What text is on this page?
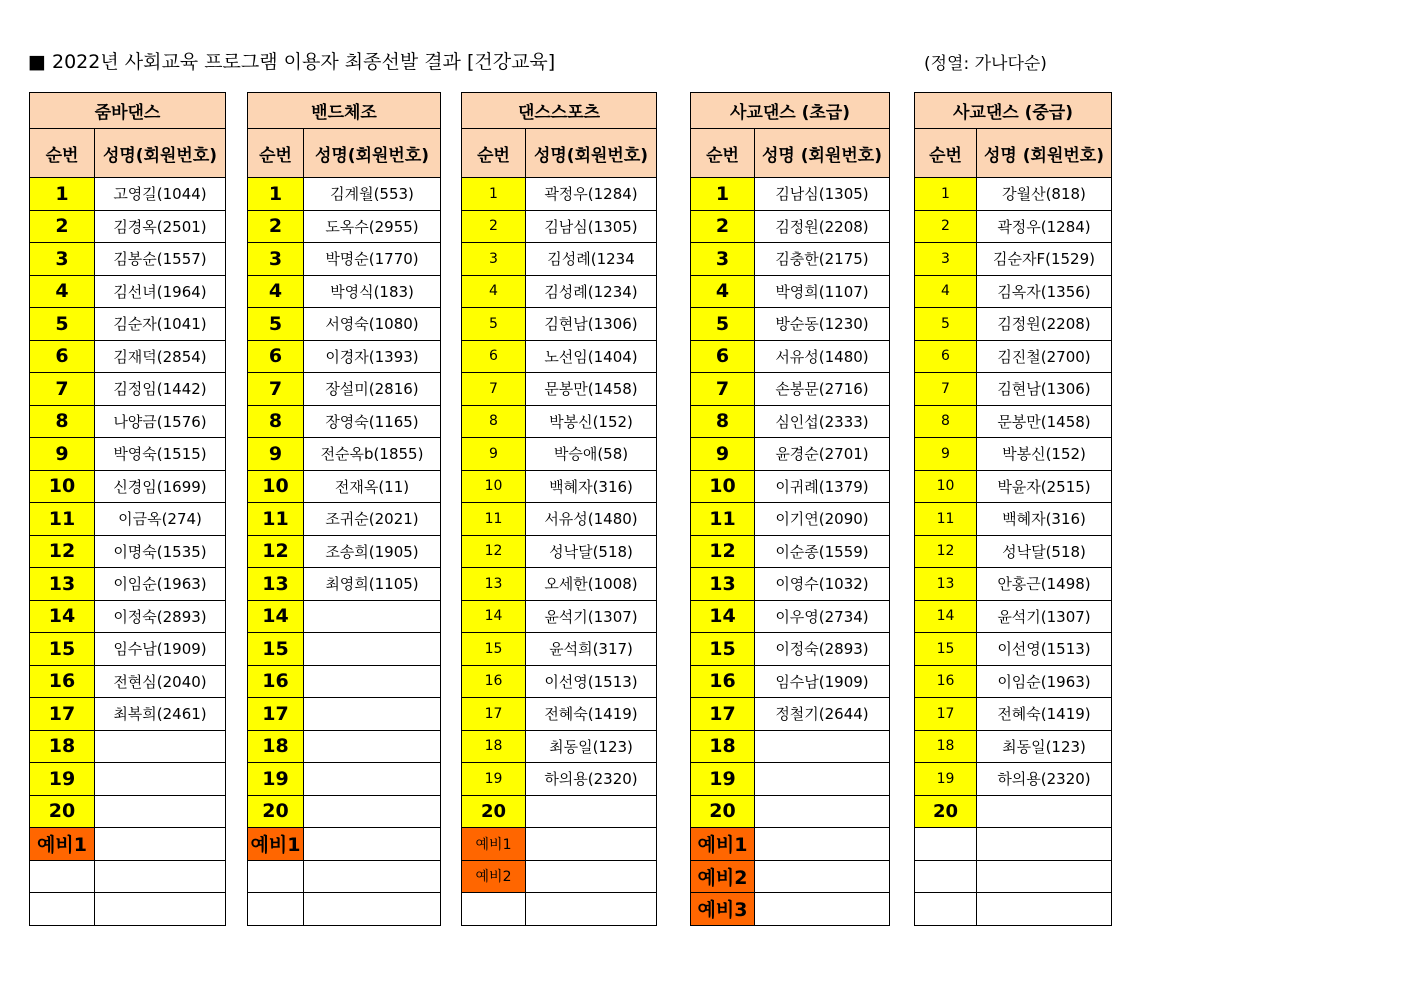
■ 2022년 사회교육 프로그램 이용자 최종선발 결과 [건강교육]	(정열: 가나다순)
줌바댄스	
순번	성명(회원번호)
1	고영길(1044)
2	김경옥(2501)
3	김봉순(1557)
4	김선녀(1964)
5	김순자(1041)
6	김재덕(2854)
7	김정임(1442)
8	나양금(1576)
9	박영숙(1515)
10	신경임(1699)
11	이금옥(274)
12	이명숙(1535)
13	이임순(1963)
14	이정숙(2893)
15	임수남(1909)
16	전현심(2040)
17	최복희(2461)
18	
19	
20	
예비1	

밴드체조	
순번	성명(회원번호)
1	김계월(553)
2	도옥수(2955)
3	박명순(1770)
4	박영식(183)
5	서영숙(1080)
6	이경자(1393)
7	장설미(2816)
8	장영숙(1165)
9	전순옥b(1855)
10	전재옥(11)
11	조귀순(2021)
12	조송희(1905)
13	최영희(1105)
14	
15	
16	
17	
18	
19	
20	
예비1	

댄스스포츠	
순번	성명(회원번호)
1	곽정우(1284)
2	김남심(1305)
3	김성례(1234
4	김성례(1234)
5	김현남(1306)
6	노선임(1404)
7	문봉만(1458)
8	박봉신(152)
9	박승애(58)
10	백혜자(316)
11	서유성(1480)
12	성낙달(518)
13	오세한(1008)
14	윤석기(1307)
15	윤석희(317)
16	이선영(1513)
17	전혜숙(1419)
18	최동일(123)
19	하의용(2320)
20	
예비1	
예비2	

사교댄스 (초급)	
순번	성명 (회원번호)
1	김남심(1305)
2	김정원(2208)
3	김충한(2175)
4	박영희(1107)
5	방순동(1230)
6	서유성(1480)
7	손봉문(2716)
8	심인섭(2333)
9	윤경순(2701)
10	이귀례(1379)
11	이기연(2090)
12	이순종(1559)
13	이영수(1032)
14	이우영(2734)
15	이정숙(2893)
16	임수남(1909)
17	정철기(2644)
18	
19	
20	
예비1	
예비2	
예비3	
사교댄스 (중급)	
순번	성명 (회원번호)
1	강월산(818)
2	곽정우(1284)
3	김순자F(1529)
4	김옥자(1356)
5	김정원(2208)
6	김진철(2700)
7	김현남(1306)
8	문봉만(1458)
9	박봉신(152)
10	박윤자(2515)
11	백혜자(316)
12	성낙달(518)
13	안홍근(1498)
14	윤석기(1307)
15	이선영(1513)
16	이임순(1963)
17	전혜숙(1419)
18	최동일(123)
19	하의용(2320)
20	
